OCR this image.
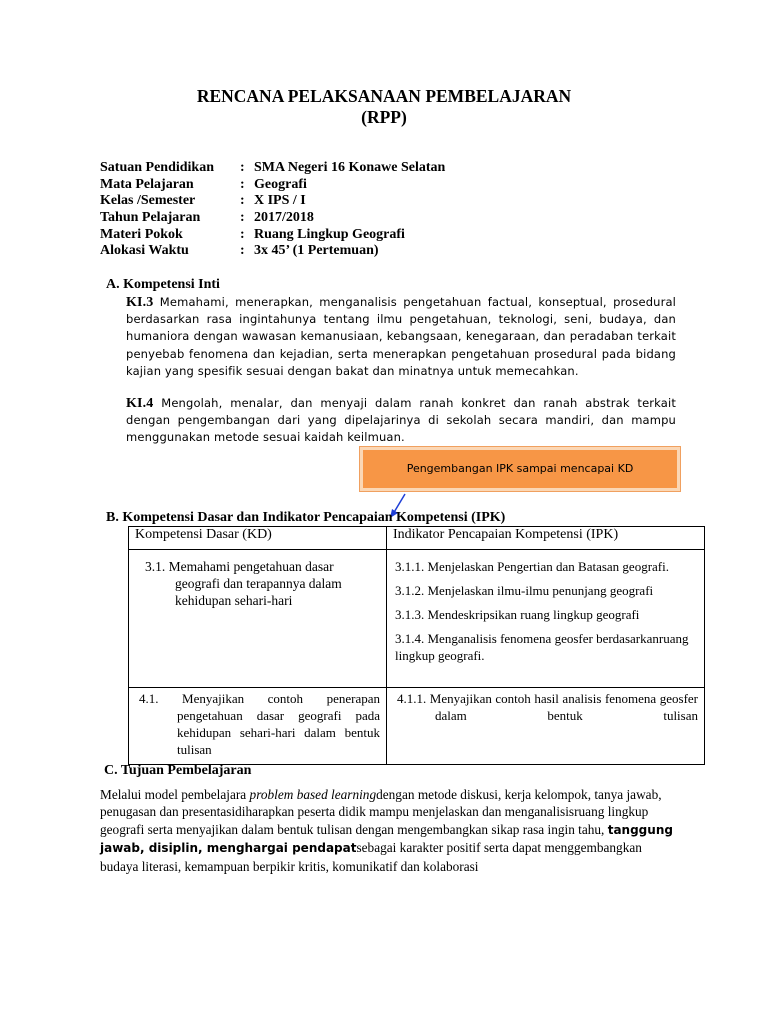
RENCANA PELAKSANAAN PEMBELAJARAN
(RPP)
Satuan Pendidikan : SMA Negeri 16 Konawe Selatan
Mata Pelajaran	: Geografi
Kelas /Semester	: X IPS / I
Tahun Pelajaran	: 2017/2018
Materi Pokok	: Ruang Lingkup Geografi
Alokasi Waktu	: 3x 45’ (1 Pertemuan)
A. Kompetensi Inti
KI.3 Memahami, menerapkan, menganalisis pengetahuan factual, konseptual, prosedural berdasarkan rasa ingintahunya tentang ilmu pengetahuan, teknologi, seni, budaya, dan humaniora dengan wawasan kemanusiaan, kebangsaan, kenegaraan, dan peradaban terkait penyebab fenomena dan kejadian, serta menerapkan pengetahuan prosedural pada bidang kajian yang spesifik sesuai dengan bakat dan minatnya untuk memecahkan.
KI.4 Mengolah, menalar, dan menyaji dalam ranah konkret dan ranah abstrak terkait dengan pengembangan dari yang dipelajarinya di sekolah secara mandiri, dan mampu menggunakan metode sesuai kaidah keilmuan.
Pengembangan IPK sampai mencapai KD
B. Kompetensi Dasar dan Indikator Pencapaian Kompetensi (IPK)
Kompetensi Dasar (KD)	Indikator Pencapaian Kompetensi (IPK)

3.1. Memahami pengetahuan dasar geografi dan terapannya dalam kehidupan sehari-hari	3.1.1. Menjelaskan Pengertian dan Batasan geografi.

3.1.2. Menjelaskan ilmu-ilmu penunjang geografi

3.1.3. Mendeskripsikan ruang lingkup geografi

3.1.4. Menganalisis fenomena geosfer berdasarkanruang lingkup geografi.

4.1. Menyajikan contoh penerapan pengetahuan dasar geografi pada kehidupan sehari-hari dalam bentuk tulisan	4.1.1. Menyajikan contoh hasil analisis fenomena geosfer dalam bentuk tulisan
C. Tujuan Pembelajaran
Melalui model pembelajara problem based learningdengan metode diskusi, kerja kelompok, tanya jawab, penugasan dan presentasidiharapkan peserta didik mampu menjelaskan dan menganalisisruang lingkup geografi serta menyajikan dalam bentuk tulisan dengan mengembangkan sikap rasa ingin tahu, tanggung jawab, disiplin, menghargai pendapatsebagai karakter positif serta dapat menggembangkan budaya literasi, kemampuan berpikir kritis, komunikatif dan kolaborasi
